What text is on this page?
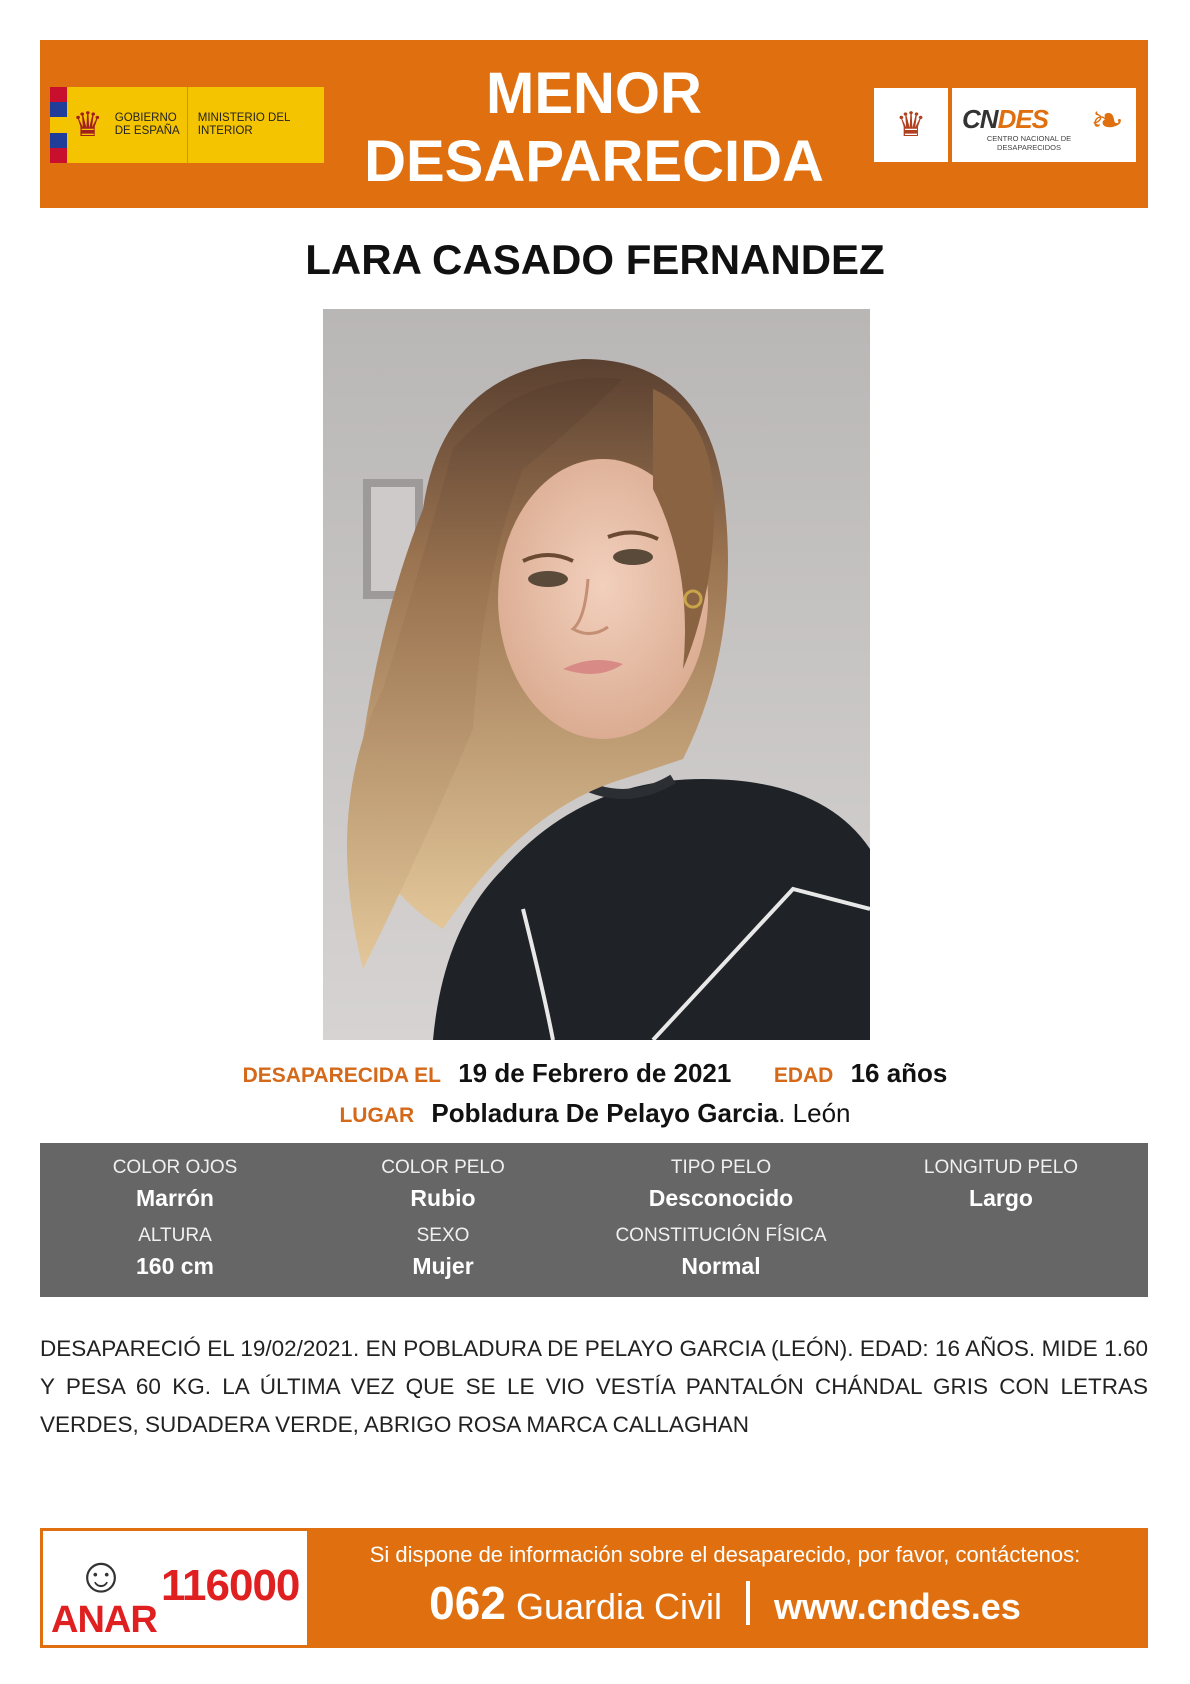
♛	GOBIERNO DE ESPAÑA
MINISTERIO DEL INTERIOR
MENOR
DESAPARECIDA
♛	CNDES
CENTRO NACIONAL DE DESAPARECIDOS
❧
LARA CASADO FERNANDEZ
DESAPARECIDA EL 19 de Febrero de 2021 EDAD 16 años
LUGAR Pobladura De Pelayo Garcia. León
COLOR OJOS
Marrón
COLOR PELO
Rubio
TIPO PELO
Desconocido
LONGITUD PELO
Largo
ALTURA
160 cm
SEXO
Mujer
CONSTITUCIÓN FÍSICA
Normal
DESAPARECIÓ EL 19/02/2021. EN POBLADURA DE PELAYO GARCIA (LEÓN). EDAD: 16 AÑOS. MIDE 1.60 Y PESA 60 KG. LA ÚLTIMA VEZ QUE SE LE VIO VESTÍA PANTALÓN CHÁNDAL GRIS CON LETRAS VERDES, SUDADERA VERDE, ABRIGO ROSA MARCA CALLAGHAN
☺
ANAR
116000
Si dispone de información sobre el desaparecido, por favor, contáctenos:
062 Guardia Civil www.cndes.es
